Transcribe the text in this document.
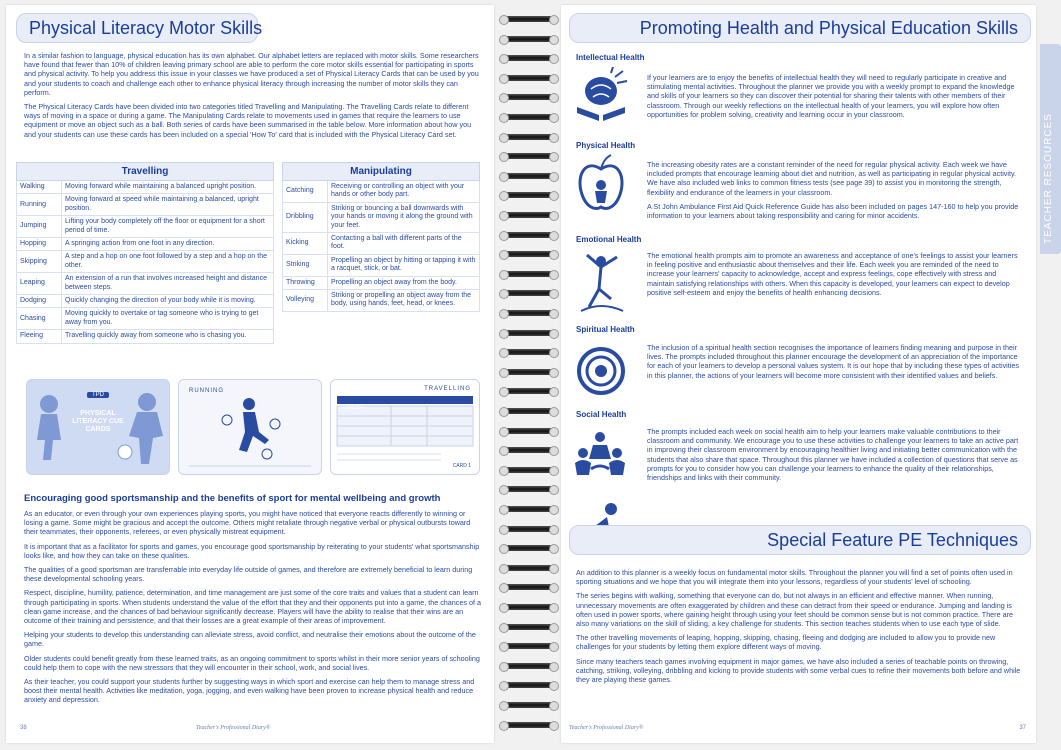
Physical Literacy Motor Skills

In a similar fashion to language, physical education has its own alphabet. Our alphabet letters are replaced with motor skills. Some researchers have found that fewer than 10% of children leaving primary school are able to perform the core motor skills essential for participating in sports and physical activity. To help you address this issue in your classes we have produced a set of Physical Literacy Cards that can be used by you and your students to coach and challenge each other to enhance physical literacy through increasing the number of motor skills they can perform.

The Physical Literacy Cards have been divided into two categories titled Travelling and Manipulating. The Travelling Cards relate to different ways of moving in a space or during a game. The Manipulating Cards relate to movements used in games that require the learners to use equipment or move an object such as a ball. Both series of cards have been summarised in the table below. More information about how you and your students can use these cards has been included on a special 'How To' card that is included with the Physical Literacy Card set.

Travelling	
Walking	Moving forward while maintaining a balanced upright position.
Running	Moving forward at speed while maintaining a balanced, upright position.
Jumping	Lifting your body completely off the floor or equipment for a short period of time.
Hopping	A springing action from one foot in any direction.
Skipping	A step and a hop on one foot followed by a step and a hop on the other.
Leaping	An extension of a run that involves increased height and distance between steps.
Dodging	Quickly changing the direction of your body while it is moving.
Chasing	Moving quickly to overtake or tag someone who is trying to get away from you.
Fleeing	Travelling quickly away from someone who is chasing you.
Manipulating	
Catching	Receiving or controlling an object with your hands or other body part.
Dribbling	Striking or bouncing a ball downwards with your hands or moving it along the ground with your feet.
Kicking	Contacting a ball with different parts of the foot.
Striking	Propelling an object by hitting or tapping it with a racquet, stick, or bat.
Throwing	Propelling an object away from the body.
Volleying	Striking or propelling an object away from the body, using hands, feet, head, or knees.
TPD
PHYSICAL LITERACY CUE CARDS
RUNNING	TRAVELLING
RUNNING
CARD 1
Encouraging good sportsmanship and the benefits of sport for mental wellbeing and growth

As an educator, or even through your own experiences playing sports, you might have noticed that everyone reacts differently to winning or losing a game. Some might be gracious and accept the outcome. Others might retaliate through negative verbal or physical outbursts toward their teammates, their opponents, referees, or even physically mistreat equipment.

It is important that as a facilitator for sports and games, you encourage good sportsmanship by reiterating to your students' what sportsmanship looks like, and how they can take on these qualities.

The qualities of a good sportsman are transferrable into everyday life outside of games, and therefore are extremely beneficial to learn during these developmental schooling years.

Respect, discipline, humility, patience, determination, and time management are just some of the core traits and values that a student can learn through participating in sports. When students understand the value of the effort that they and their opponents put into a game, the chances of a clean game increase, and the chances of bad behaviour significantly decrease. Players will have the ability to realise that their wins are an outcome of their training and persistence, and that their losses are a great example of their areas of improvement.

Helping your students to develop this understanding can alleviate stress, avoid conflict, and neutralise their emotions about the outcome of the game.

Older students could benefit greatly from these learned traits, as an ongoing commitment to sports whilst in their more senior years of schooling could help them to cope with the new stressors that they will encounter in their school, work, and social lives.

As their teacher, you could support your students further by suggesting ways in which sport and exercise can help them to manage stress and boost their mental health. Activities like meditation, yoga, jogging, and even walking have been proven to increase physical health and reduce anxiety and depression.

38	Teacher's Professional Diary®
Promoting Health and Physical Education Skills
Intellectual Health
If your learners are to enjoy the benefits of intellectual health they will need to regularly participate in creative and stimulating mental activities. Throughout the planner we provide you with a weekly prompt to expand the knowledge and skills of your learners so they can discover their potential for sharing their talents with other members of their classroom. Through our weekly reflections on the intellectual health of your learners, you will explore how often opportunities for problem solving, creativity and learning occur in your classroom.
Physical Health

The increasing obesity rates are a constant reminder of the need for regular physical activity. Each week we have included prompts that encourage learning about diet and nutrition, as well as participating in regular physical activity. We have also included web links to common fitness tests (see page 39) to assist you in monitoring the strength, flexibility and endurance of the learners in your classroom.

A St John Ambulance First Aid Quick Reference Guide has also been included on pages 147-160 to help you provide information to your learners about taking responsibility and caring for minor accidents.

Emotional Health
The emotional health prompts aim to promote an awareness and acceptance of one's feelings to assist your learners in feeling positive and enthusiastic about themselves and their life. Each week you are reminded of the need to increase your learners' capacity to acknowledge, accept and express feelings, cope effectively with stress and maintain satisfying relationships with others. When this capacity is developed, your learners can expect to develop positive self-esteem and enjoy the benefits of health enhancing decisions.
Spiritual Health
The inclusion of a spiritual health section recognises the importance of learners finding meaning and purpose in their lives. The prompts included throughout this planner encourage the development of an appreciation of the importance for each of your learners to develop a personal values system. It is our hope that by including these types of activities in this planner, the actions of your learners will become more consistent with their identified values and beliefs.
Social Health
The prompts included each week on social health aim to help your learners make valuable contributions to their classroom and community. We encourage you to use these activities to challenge your learners to take an active part in improving their classroom environment by encouraging healthier living and initiating better communication with the students that also share that space. Throughout this planner we have included a collection of questions that serve as prompts for you to consider how you can challenge your learners to enhance the quality of their relationships, friendships and links with their community.
Special Feature PE Techniques

An addition to this planner is a weekly focus on fundamental motor skills. Throughout the planner you will find a set of points often used in sporting situations and we hope that you will integrate them into your lessons, regardless of your students' level of schooling.

The series begins with walking, something that everyone can do, but not always in an efficient and effective manner. When running, unnecessary movements are often exaggerated by children and these can detract from their speed or endurance. Jumping and landing is often used in power sports, where gaining height through using your feet should be common sense but is not common practice. There are also many variations on the skill of sliding, a key challenge for students. This section teaches students when to use each type of slide.

The other travelling movements of leaping, hopping, skipping, chasing, fleeing and dodging are included to allow you to provide new challenges for your students by letting them explore different ways of moving.

Since many teachers teach games involving equipment in major games, we have also included a series of teachable points on throwing, catching, striking, volleying, dribbling and kicking to provide students with some verbal cues to refine their movements both before and while they are playing these games.

Teacher's Professional Diary®	37
TEACHER RESOURCES
